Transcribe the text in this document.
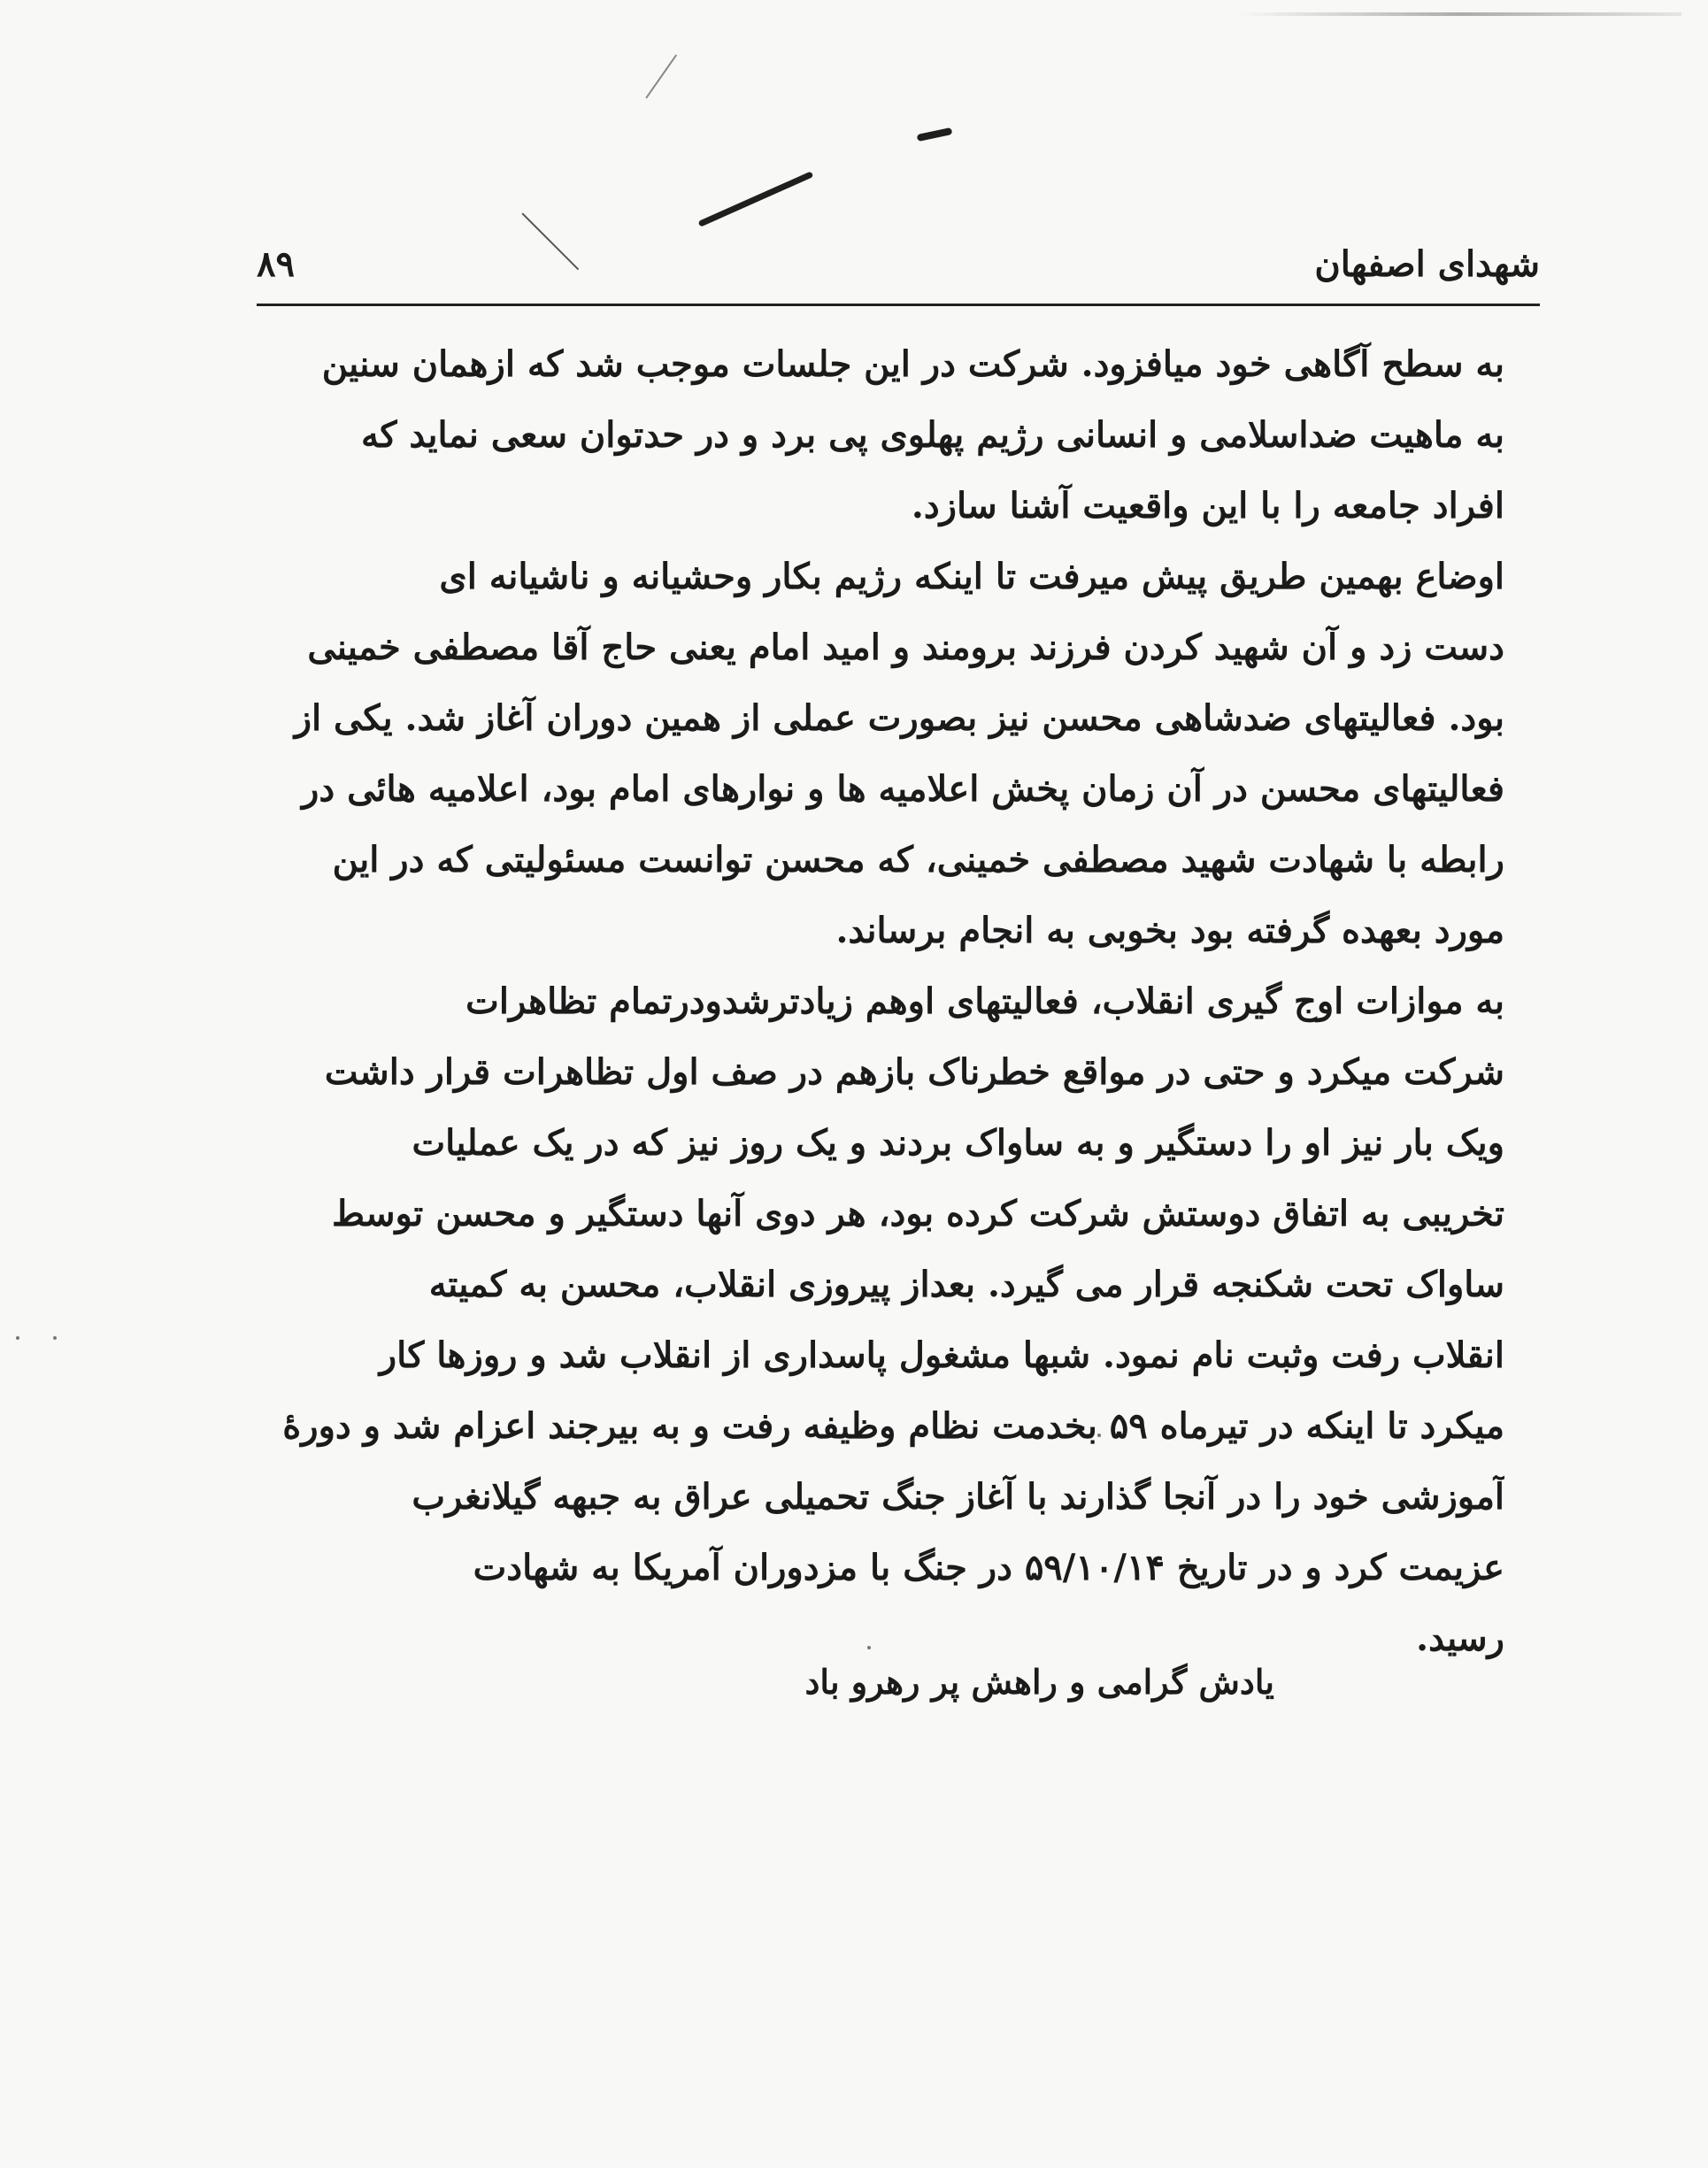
شهدای اصفهان
۸۹
به سطح آگاهی خود میافزود. شرکت در این جلسات موجب شد که ازهمان سنین
به ماهیت ضداسلامی و انسانی رژیم پهلوی پی برد و در حدتوان سعی نماید که
افراد جامعه را با این واقعیت آشنا سازد.
اوضاع بهمین طریق پیش میرفت تا اینکه رژیم بکار وحشیانه و ناشیانه ای
دست زد و آن شهید کردن فرزند برومند و امید امام یعنی حاج آقا مصطفی خمینی
بود. فعالیتهای ضدشاهی محسن نیز بصورت عملی از همین دوران آغاز شد. یکی از
فعالیتهای محسن در آن زمان پخش اعلامیه ها و نوارهای امام بود، اعلامیه هائی در
رابطه با شهادت شهید مصطفی خمینی، که محسن توانست مسئولیتی که در این
مورد بعهده گرفته بود بخوبی به انجام برساند.
به موازات اوج گیری انقلاب، فعالیتهای اوهم زیادترشدودرتمام تظاهرات
شرکت میکرد و حتی در مواقع خطرناک بازهم در صف اول تظاهرات قرار داشت
ویک بار نیز او را دستگیر و به ساواک بردند و یک روز نیز که در یک عملیات
تخریبی به اتفاق دوستش شرکت کرده بود، هر دوی آنها دستگیر و محسن توسط
ساواک تحت شکنجه قرار می گیرد. بعداز پیروزی انقلاب، محسن به کمیته
انقلاب رفت وثبت نام نمود. شبها مشغول پاسداری از انقلاب شد و روزها کار
میکرد تا اینکه در تیرماه ۵۹ بخدمت نظام وظیفه رفت و به بیرجند اعزام شد و دورهٔ
آموزشی خود را در آنجا گذارند با آغاز جنگ تحمیلی عراق به جبهه گیلانغرب
عزیمت کرد و در تاریخ ۵۹/۱۰/۱۴ در جنگ با مزدوران آمریکا به شهادت
رسید.
یادش گرامی و راهش پر رهرو باد
